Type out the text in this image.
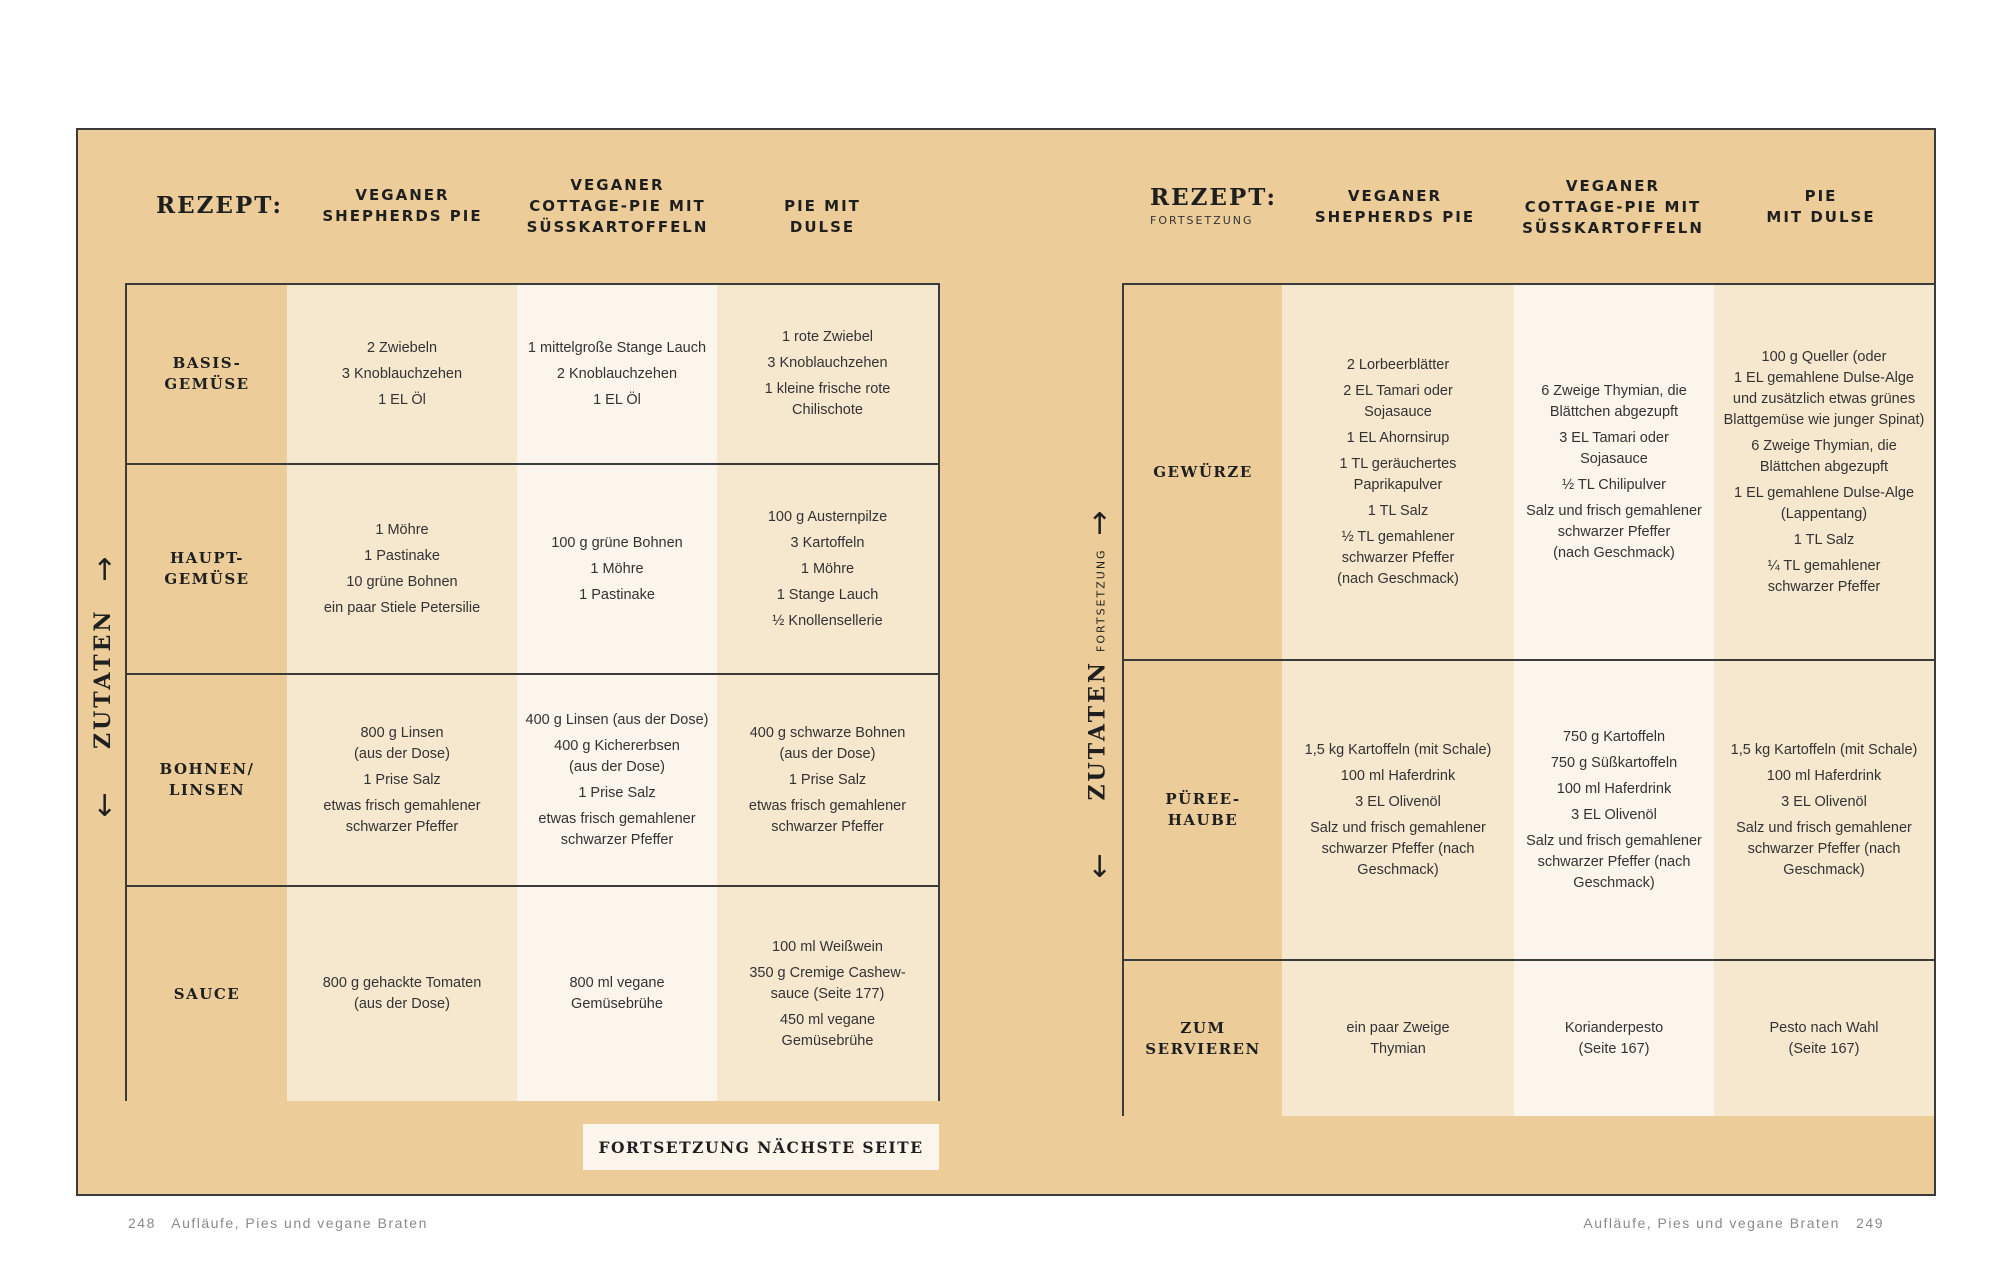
REZEPT:	VEGANER
SHEPHERDS PIE
VEGANER
COTTAGE-PIE MIT
SÜSSKARTOFFELN
PIE MIT
DULSE
REZEPT:
FORTSETZUNG
VEGANER
SHEPHERDS PIE
VEGANER
COTTAGE-PIE MIT
SÜSSKARTOFFELN
PIE
MIT DULSE
BASIS-
GEMÜSE
2 Zwiebeln
3 Knoblauchzehen
1 EL Öl
1 mittelgroße Stange Lauch
2 Knoblauchzehen
1 EL Öl
1 rote Zwiebel
3 Knoblauchzehen
1 kleine frische rote
Chilischote
HAUPT-
GEMÜSE
1 Möhre
1 Pastinake
10 grüne Bohnen
ein paar Stiele Petersilie
100 g grüne Bohnen
1 Möhre
1 Pastinake
100 g Austernpilze
3 Kartoffeln
1 Möhre
1 Stange Lauch
½ Knollensellerie
BOHNEN/
LINSEN
800 g Linsen
(aus der Dose)
1 Prise Salz
etwas frisch gemahlener
schwarzer Pfeffer
400 g Linsen (aus der Dose)
400 g Kichererbsen
(aus der Dose)
1 Prise Salz
etwas frisch gemahlener
schwarzer Pfeffer
400 g schwarze Bohnen
(aus der Dose)
1 Prise Salz
etwas frisch gemahlener
schwarzer Pfeffer
SAUCE
800 g gehackte Tomaten
(aus der Dose)
800 ml vegane
Gemüsebrühe
100 ml Weißwein
350 g Cremige Cashew-
sauce (Seite 177)
450 ml vegane
Gemüsebrühe
GEWÜRZE
2 Lorbeerblätter
2 EL Tamari oder
Sojasauce
1 EL Ahornsirup
1 TL geräuchertes
Paprikapulver
1 TL Salz
½ TL gemahlener
schwarzer Pfeffer
(nach Geschmack)
6 Zweige Thymian, die
Blättchen abgezupft
3 EL Tamari oder
Sojasauce
½ TL Chilipulver
Salz und frisch gemahlener
schwarzer Pfeffer
(nach Geschmack)
100 g Queller (oder
1 EL gemahlene Dulse-Alge
und zusätzlich etwas grünes
Blattgemüse wie junger Spinat)
6 Zweige Thymian, die
Blättchen abgezupft
1 EL gemahlene Dulse-Alge
(Lappentang)
1 TL Salz
¼ TL gemahlener
schwarzer Pfeffer
PÜREE-
HAUBE
1,5 kg Kartoffeln (mit Schale)
100 ml Haferdrink
3 EL Olivenöl
Salz und frisch gemahlener
schwarzer Pfeffer (nach
Geschmack)
750 g Kartoffeln
750 g Süßkartoffeln
100 ml Haferdrink
3 EL Olivenöl
Salz und frisch gemahlener
schwarzer Pfeffer (nach
Geschmack)
1,5 kg Kartoffeln (mit Schale)
100 ml Haferdrink
3 EL Olivenöl
Salz und frisch gemahlener
schwarzer Pfeffer (nach
Geschmack)
ZUM
SERVIEREN
ein paar Zweige
Thymian
Korianderpesto
(Seite 167)
Pesto nach Wahl
(Seite 167)
↑
ZUTATEN
↓
↑
ZUTATENFORTSETZUNG
↓
FORTSETZUNG NÄCHSTE SEITE
248 Aufläufe, Pies und vegane Braten	Aufläufe, Pies und vegane Braten 249
